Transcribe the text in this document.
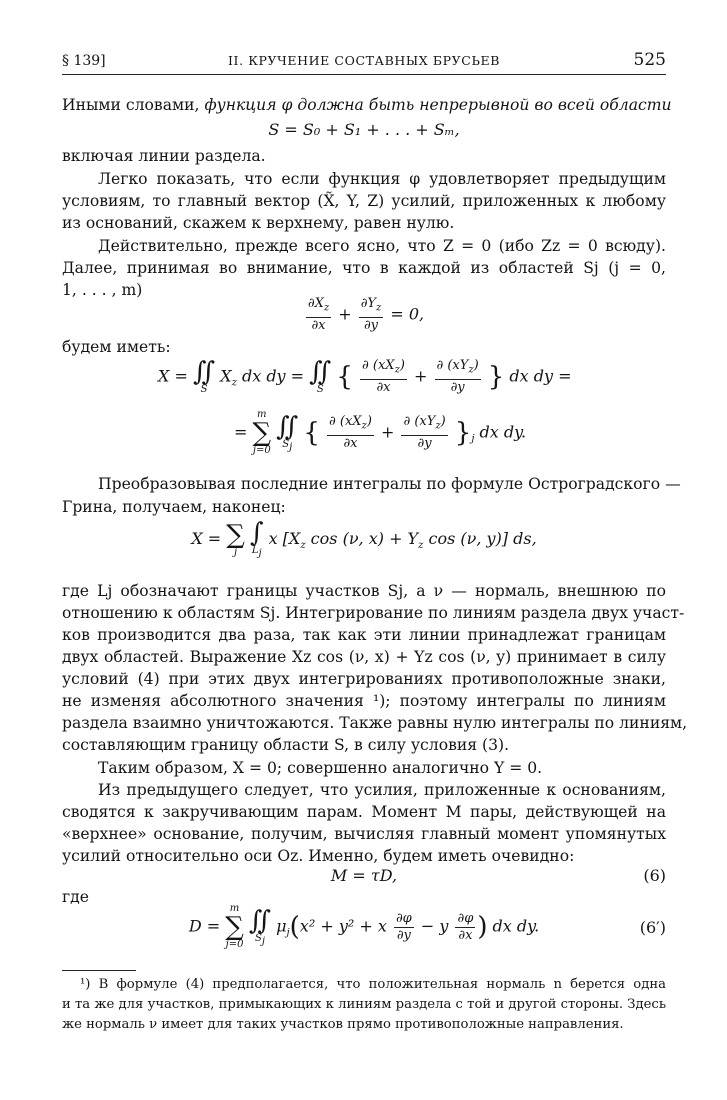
§ 139]	II. КРУЧЕНИЕ СОСТАВНЫХ БРУСЬЕВ	525
Иными словами, функция φ должна быть непрерывной во всей области
S = S₀ + S₁ + . . . + Sₘ,
включая линии раздела.
Легко показать, что если функция φ удовлетворяет предыдущим
условиям, то главный вектор (X̃, Y, Z) усилий, приложенных к любому
из оснований, скажем к верхнему, равен нулю.
Действительно, прежде всего ясно, что Z = 0 (ибо Zz = 0 всюду).
Далее, принимая во внимание, что в каждой из областей Sj (j = 0,
1, . . . , m)
$\frac{\partial X_z}{\partial x} + \frac{\partial Y_z}{\partial y} = 0$,
будем иметь:
X = ∬
S
$X_z$ dx dy = ∬
S { $\frac{\partial (xX_z)}{\partial x} + \frac{\partial (xY_z)}{\partial y}$ } dx dy =
=
m
∑
j=0

∬
$S_j$ { $\frac{\partial (xX_z)}{\partial x} + \frac{\partial (xY_z)}{\partial y} \}_j$ dx dy.
Преобразовывая последние интегралы по формуле Остроградского —
Грина, получаем, наконец:
X = ∑
j

∫
$L_j$
x [$X_z$ cos (ν, $x) + Y_z$ cos (ν, y)] ds,
где Lj обозначают границы участков Sj, а ν — нормаль, внешнюю по
отношению к областям Sj. Интегрирование по линиям раздела двух участ-
ков производится два раза, так как эти линии принадлежат границам
двух областей. Выражение Xz cos (ν, x) + Yz cos (ν, y) принимает в силу
условий (4) при этих двух интегрированиях противоположные знаки,
не изменяя абсолютного значения ¹); поэтому интегралы по линиям
раздела взаимно уничтожаются. Также равны нулю интегралы по линиям,
составляющим границу области S, в силу условия (3).
Таким образом, X = 0; совершенно аналогично Y = 0.
Из предыдущего следует, что усилия, приложенные к основаниям,
сводятся к закручивающим парам. Момент M пары, действующей на
«верхнее» основание, получим, вычисляя главный момент упомянутых
усилий относительно оси Oz. Именно, будем иметь очевидно:
M = τD,	(6)
где
D =
m
∑
j=0

∬
$S_j$
$\mu_j(x^2 + y^2 + x \frac{\partial\varphi}{\partial y} - y \frac{\partial\varphi}{\partial x}$ ) dx dy.	(6′)
¹) В формуле (4) предполагается, что положительная нормаль n берется одна
и та же для участков, примыкающих к линиям раздела с той и другой стороны. Здесь
же нормаль ν имеет для таких участков прямо противоположные направления.
